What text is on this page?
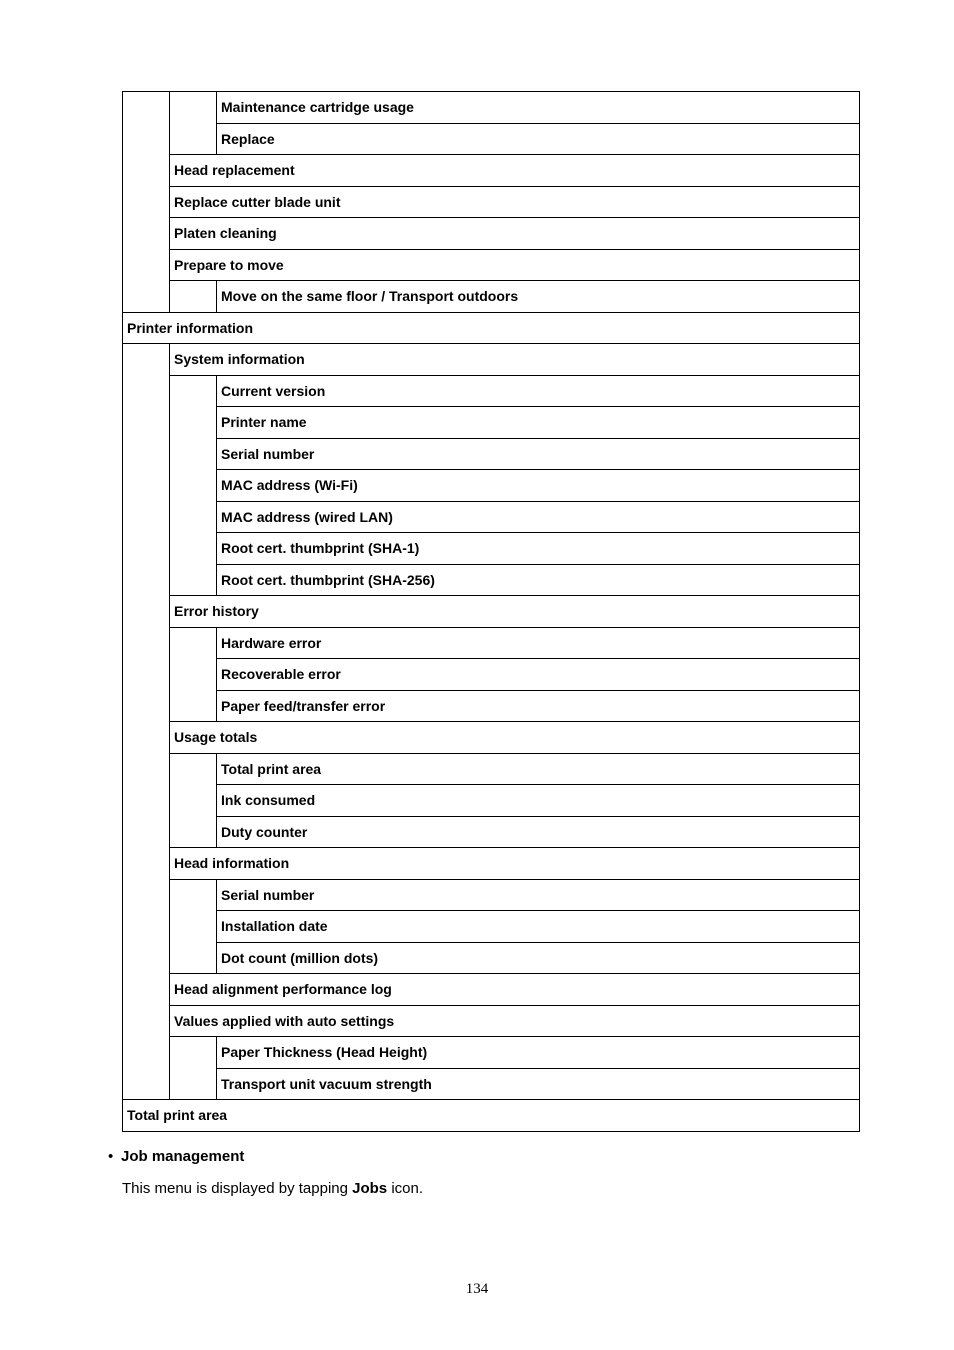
Maintenance cartridge usage
Replace
Head replacement
Replace cutter blade unit
Platen cleaning
Prepare to move
Move on the same floor / Transport outdoors
Printer information
System information
Current version
Printer name
Serial number
MAC address (Wi-Fi)
MAC address (wired LAN)
Root cert. thumbprint (SHA-1)
Root cert. thumbprint (SHA-256)
Error history
Hardware error
Recoverable error
Paper feed/transfer error
Usage totals
Total print area
Ink consumed
Duty counter
Head information
Serial number
Installation date
Dot count (million dots)
Head alignment performance log
Values applied with auto settings
Paper Thickness (Head Height)
Transport unit vacuum strength
Total print area
• Job management
This menu is displayed by tapping Jobs icon.
134
